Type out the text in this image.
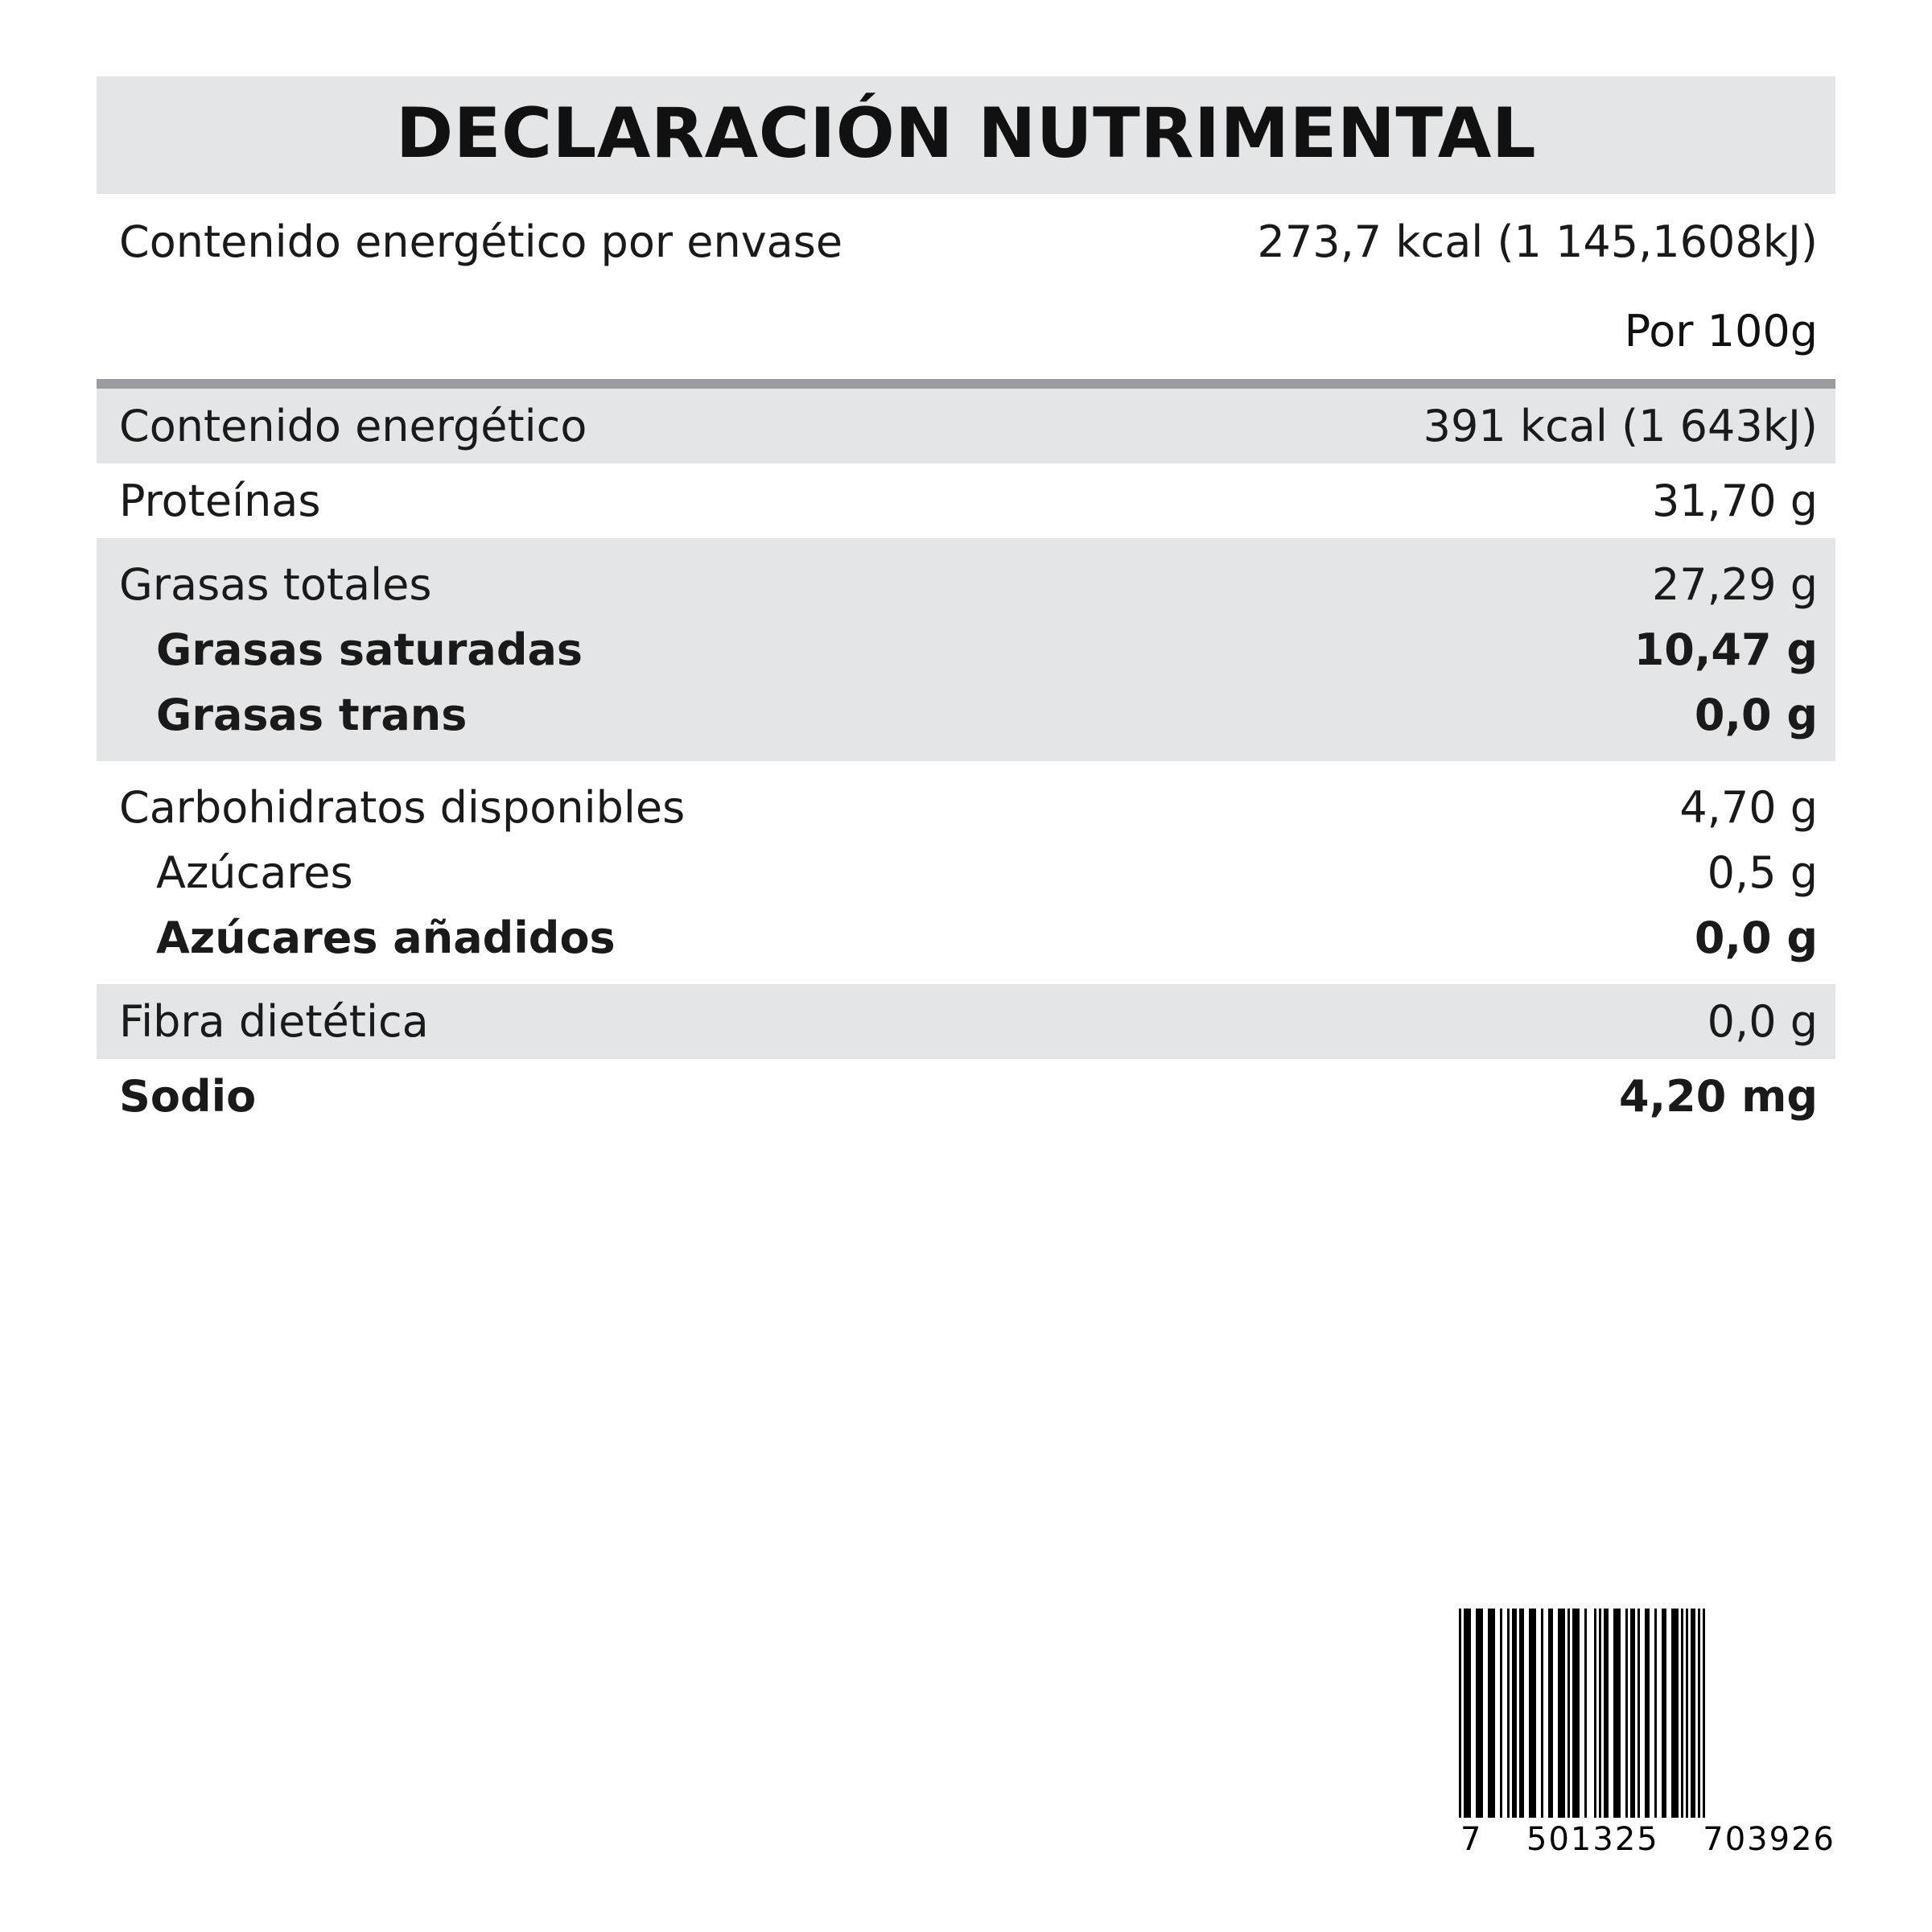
DECLARACIÓN NUTRIMENTAL
Contenido energético por envase	273,7 kcal (1 145,1608kJ)
Por 100g
Contenido energético	391 kcal (1 643kJ)
Proteínas	31,70 g
Grasas totales	27,29 g
Grasas saturadas	10,47 g
Grasas trans	0,0 g
Carbohidratos disponibles	4,70 g
Azúcares	0,5 g
Azúcares añadidos	0,0 g
Fibra dietética	0,0 g
Sodio	4,20 mg
7 501325 703926
